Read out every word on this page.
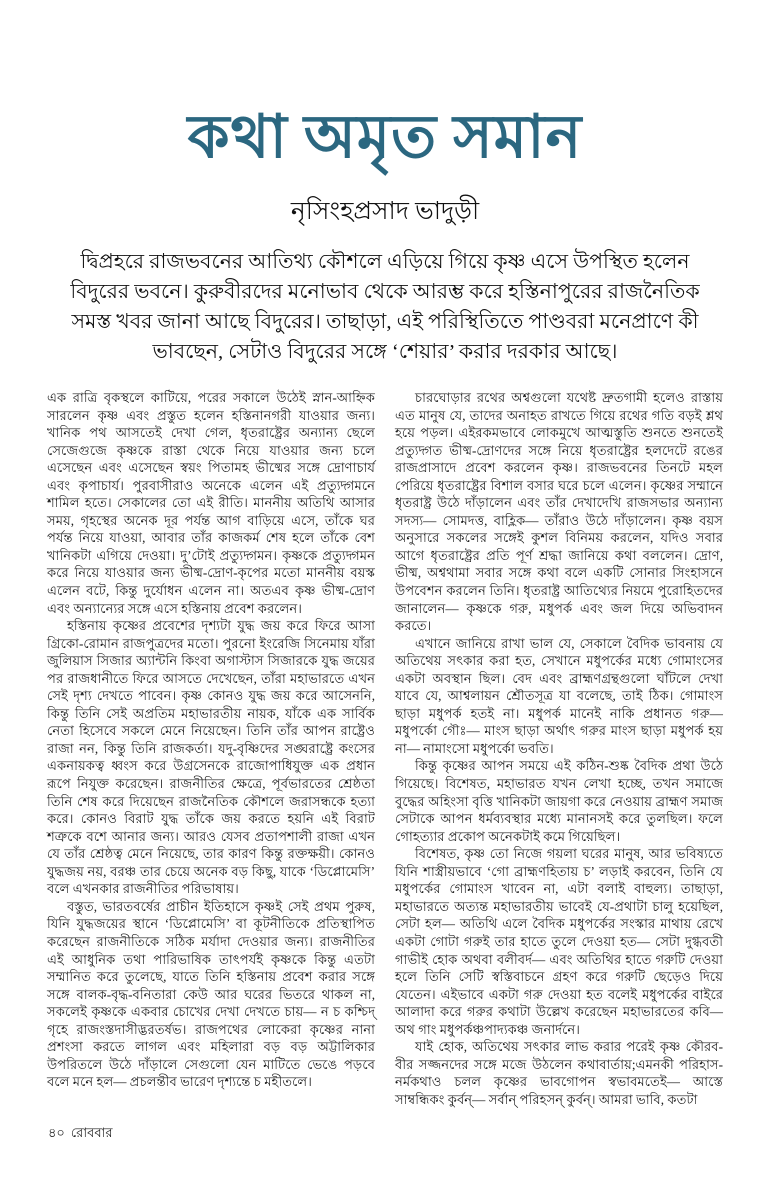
কথা অমৃত সমান
নৃসিংহপ্রসাদ ভাদুড়ী
দ্বিপ্রহরে রাজভবনের আতিথ্য কৌশলে এড়িয়ে গিয়ে কৃষ্ণ এসে উপস্থিত হলেন বিদুরের ভবনে। কুরুবীরদের মনোভাব থেকে আরম্ভ করে হস্তিনাপুরের রাজনৈতিক সমস্ত খবর জানা আছে বিদুরের। তাছাড়া, এই পরিস্থিতিতে পাণ্ডবরা মনেপ্রাণে কী ভাবছেন, সেটাও বিদুরের সঙ্গে ‘শেয়ার’ করার দরকার আছে।

এক রাত্রি বৃকস্থলে কাটিয়ে, পরের সকালে উঠেই স্নান-আহ্নিক সারলেন কৃষ্ণ এবং প্রস্তুত হলেন হস্তিনানগরী যাওয়ার জন্য। খানিক পথ আসতেই দেখা গেল, ধৃতরাষ্ট্রের অন্যান্য ছেলে সেজেগুজে কৃষ্ণকে রাস্তা থেকে নিয়ে যাওয়ার জন্য চলে এসেছেন এবং এসেছেন স্বয়ং পিতামহ ভীষ্মের সঙ্গে দ্রোণাচার্য এবং কৃপাচার্য। পুরবাসীরাও অনেকে এলেন এই প্রত্যুদ্গমনে শামিল হতে। সেকালের তো এই রীতি। মাননীয় অতিথি আসার সময়, গৃহস্থের অনেক দূর পর্যন্ত আগ বাড়িয়ে এসে, তাঁকে ঘর পর্যন্ত নিয়ে যাওয়া, আবার তাঁর কাজকর্ম শেষ হলে তাঁকে বেশ খানিকটা এগিয়ে দেওয়া। দু’টোই প্রত্যুদ্গমন। কৃষ্ণকে প্রত্যুদ্গমন করে নিয়ে যাওয়ার জন্য ভীষ্ম-দ্রোণ-কৃপের মতো মাননীয় বয়স্ক এলেন বটে, কিন্তু দুর্যোধন এলেন না। অতএব কৃষ্ণ ভীষ্ম-দ্রোণ এবং অন্যান্যের সঙ্গে এসে হস্তিনায় প্রবেশ করলেন।

হস্তিনায় কৃষ্ণের প্রবেশের দৃশ্যটা যুদ্ধ জয় করে ফিরে আসা গ্রিকো-রোমান রাজপুত্রদের মতো। পুরনো ইংরেজি সিনেমায় যাঁরা জুলিয়াস সিজার অ্যান্টনি কিংবা অগাস্টাস সিজারকে যুদ্ধ জয়ের পর রাজধানীতে ফিরে আসতে দেখেছেন, তাঁরা মহাভারতে এখন সেই দৃশ্য দেখতে পাবেন। কৃষ্ণ কোনও যুদ্ধ জয় করে আসেননি, কিন্তু তিনি সেই অপ্রতিম মহাভারতীয় নায়ক, যাঁকে এক সার্বিক নেতা হিসেবে সকলে মেনে নিয়েছেন। তিনি তাঁর আপন রাষ্ট্রেও রাজা নন, কিন্তু তিনি রাজকর্তা। যদু-বৃষ্ণিদের সঙ্ঘরাষ্ট্রে কংসের একনায়কত্ব ধ্বংস করে উগ্রসেনকে রাজোপাধিযুক্ত এক প্রধান রূপে নিযুক্ত করেছেন। রাজনীতির ক্ষেত্রে, পূর্বভারতের শ্রেষ্ঠতা তিনি শেষ করে দিয়েছেন রাজনৈতিক কৌশলে জরাসন্ধকে হত্যা করে। কোনও বিরাট যুদ্ধ তাঁকে জয় করতে হয়নি এই বিরাট শত্রুকে বশে আনার জন্য। আরও যেসব প্রতাপশালী রাজা এখন যে তাঁর শ্রেষ্ঠত্ব মেনে নিয়েছে, তার কারণ কিন্তু রক্তক্ষয়ী। কোনও যুদ্ধজয় নয়, বরঞ্চ তার চেয়ে অনেক বড় কিছু, যাকে ‘ডিপ্লোমেসি’ বলে এখনকার রাজনীতির পরিভাষায়।

বস্তুত, ভারতবর্ষের প্রাচীন ইতিহাসে কৃষ্ণই সেই প্রথম পুরুষ, যিনি যুদ্ধজয়ের স্থানে ‘ডিপ্লোমেসি’ বা কূটনীতিকে প্রতিস্থাপিত করেছেন রাজনীতিকে সঠিক মর্যাদা দেওয়ার জন্য। রাজনীতির এই আধুনিক তথা পারিভাষিক তাৎপর্যই কৃষ্ণকে কিন্তু এতটা সম্মানিত করে তুলেছে, যাতে তিনি হস্তিনায় প্রবেশ করার সঙ্গে সঙ্গে বালক-বৃদ্ধ-বনিতারা কেউ আর ঘরের ভিতরে থাকল না, সকলেই কৃষ্ণকে একবার চোখের দেখা দেখতে চায়— ন চ কশ্চিদ্ গৃহে রাজংস্তদাসীদ্ভরতর্ষভ। রাজপথের লোকেরা কৃষ্ণের নানা প্রশংসা করতে লাগল এবং মহিলারা বড় বড় অট্টালিকার উপরিতলে উঠে দাঁড়ালে সেগুলো যেন মাটিতে ভেঙে পড়বে বলে মনে হল— প্রচলন্তীব ভারেণ দৃশ্যন্তে চ মহীতলে।

চারঘোড়ার রথের অশ্বগুলো যথেষ্ট দ্রুতগামী হলেও রাস্তায় এত মানুষ যে, তাদের অনাহত রাখতে গিয়ে রথের গতি বড়ই শ্লথ হয়ে পড়ল। এইরকমভাবে লোকমুখে আত্মস্তুতি শুনতে শুনতেই প্রত্যুদ্গত ভীষ্ম-দ্রোণদের সঙ্গে নিয়ে ধৃতরাষ্ট্রের হলদেটে রঙের রাজপ্রাসাদে প্রবেশ করলেন কৃষ্ণ। রাজভবনের তিনটে মহল পেরিয়ে ধৃতরাষ্ট্রের বিশাল বসার ঘরে চলে এলেন। কৃষ্ণের সম্মানে ধৃতরাষ্ট্র উঠে দাঁড়ালেন এবং তাঁর দেখাদেখি রাজসভার অন্যান্য সদস্য— সোমদত্ত, বাহ্লিক— তাঁরাও উঠে দাঁড়ালেন। কৃষ্ণ বয়স অনুসারে সকলের সঙ্গেই কুশল বিনিময় করলেন, যদিও সবার আগে ধৃতরাষ্ট্রের প্রতি পূর্ণ শ্রদ্ধা জানিয়ে কথা বললেন। দ্রোণ, ভীষ্ম, অশ্বথামা সবার সঙ্গে কথা বলে একটি সোনার সিংহাসনে উপবেশন করলেন তিনি। ধৃতরাষ্ট্র আতিথ্যের নিয়মে পুরোহিতদের জানালেন— কৃষ্ণকে গরু, মধুপর্ক এবং জল দিয়ে অভিবাদন করতে।

এখানে জানিয়ে রাখা ভাল যে, সেকালে বৈদিক ভাবনায় যে অতিথেয় সৎকার করা হত, সেখানে মধুপর্কের মধ্যে গোমাংসের একটা অবস্থান ছিল। বেদ এবং ব্রাহ্মণগ্রন্থগুলো ঘাঁটলে দেখা যাবে যে, আশ্বলায়ন শ্রৌতসূত্র যা বলেছে, তাই ঠিক। গোমাংস ছাড়া মধুপর্ক হতই না। মধুপর্ক মানেই নাকি প্রধানত গরু— মধুপর্কো গৌঃ— মাংস ছাড়া অর্থাৎ গরুর মাংস ছাড়া মধুপর্ক হয় না— নামাংসো মধুপর্কো ভবতি।

কিন্তু কৃষ্ণের আপন সময়ে এই কঠিন-শুষ্ক বৈদিক প্রথা উঠে গিয়েছে। বিশেষত, মহাভারত যখন লেখা হচ্ছে, তখন সমাজে বুদ্ধের অহিংসা বৃত্তি খানিকটা জায়গা করে নেওয়ায় ব্রাহ্মণ সমাজ সেটাকে আপন ধর্মব্যবস্থার মধ্যে মানানসই করে তুলছিল। ফলে গোহত্যার প্রকোপ অনেকটাই কমে গিয়েছিল।

বিশেষত, কৃষ্ণ তো নিজে গয়লা ঘরের মানুষ, আর ভবিষ্যতে যিনি শাস্ত্রীয়ভাবে ‘গো ব্রাহ্মণহিতায় চ’ লড়াই করবেন, তিনি যে মধুপর্কের গোমাংস খাবেন না, এটা বলাই বাহুল্য। তাছাড়া, মহাভারতে অত্যন্ত মহাভারতীয় ভাবেই যে-প্রথাটা চালু হয়েছিল, সেটা হল— অতিথি এলে বৈদিক মধুপর্কের সংস্কার মাথায় রেখে একটা গোটা গরুই তার হাতে তুলে দেওয়া হত— সেটা দুগ্ধবতী গাভীই হোক অথবা বলীবর্দ— এবং অতিথির হাতে গরুটি দেওয়া হলে তিনি সেটি স্বস্তিবাচনে গ্রহণ করে গরুটি ছেড়েও দিয়ে যেতেন। এইভাবে একটা গরু দেওয়া হত বলেই মধুপর্কের বাইরে আলাদা করে গরুর কথাটা উল্লেখ করেছেন মহাভারতের কবি— অথ গাং মধুপর্কঞ্চপাদ্যকঞ্চ জনার্দনে।

যাই হোক, অতিথেয় সৎকার লাভ করার পরেই কৃষ্ণ কৌরব-বীর সজ্জনদের সঙ্গে মজে উঠলেন কথাবার্তায়;এমনকী পরিহাস-নর্মকথাও চলল কৃষ্ণের ভাবগোপন স্বভাবমতেই— আস্তে সাম্বন্ধিকং কুর্বন্— সর্বান্ পরিহসন্ কুর্বন্। আমরা ভাবি, কতটা

৪০ রোববার
